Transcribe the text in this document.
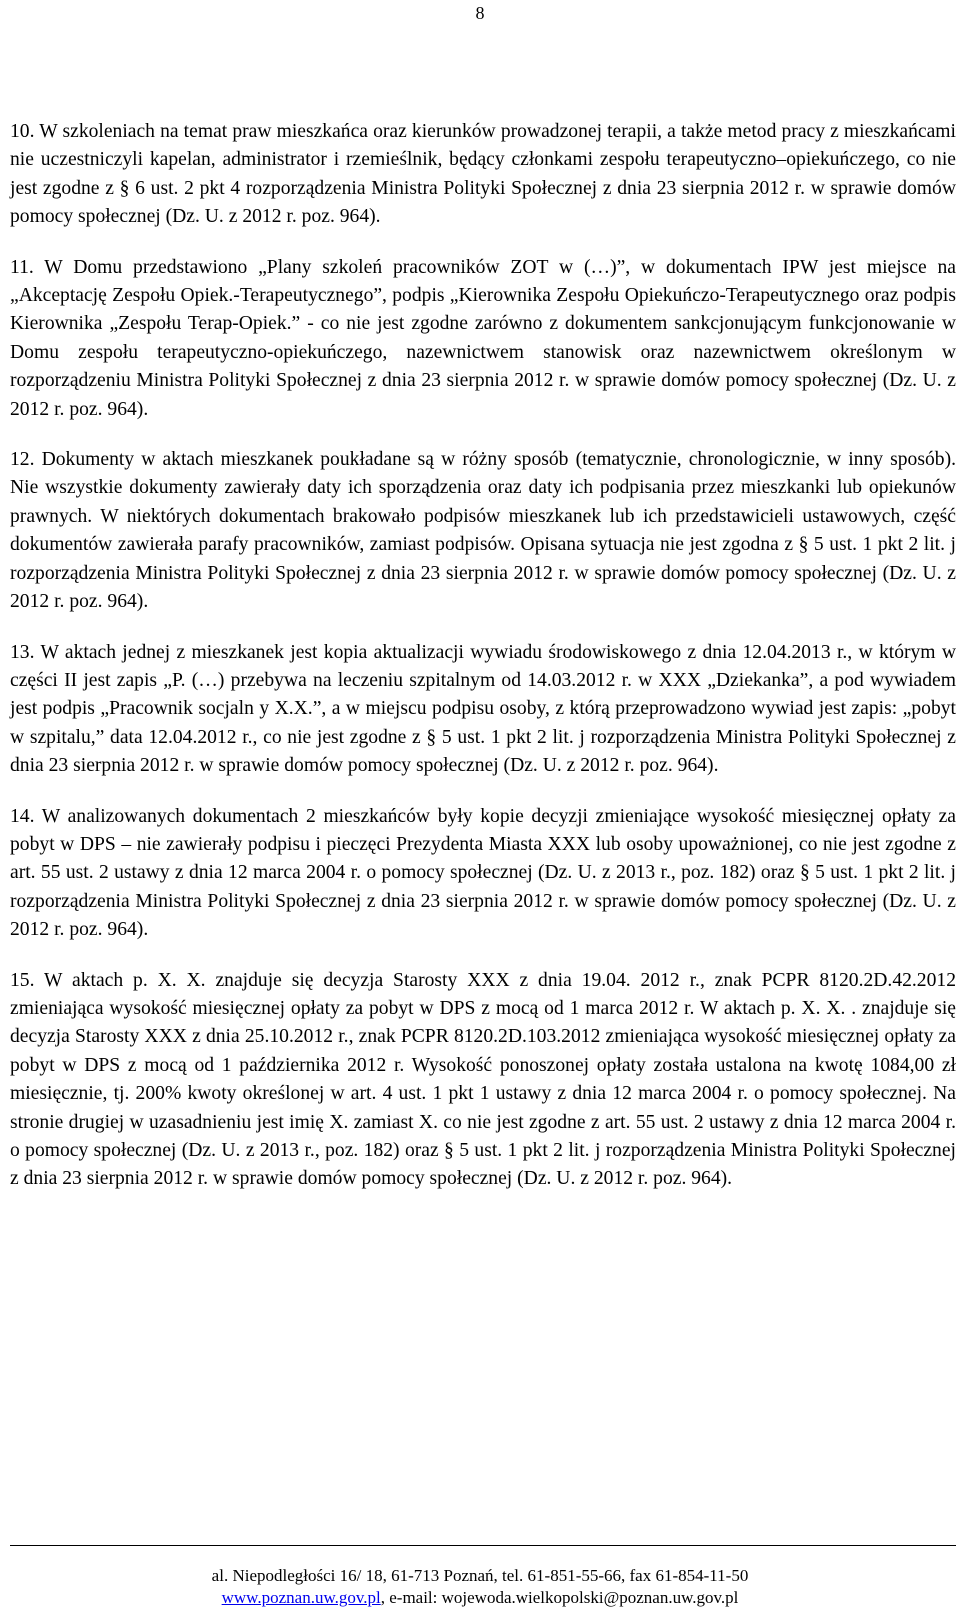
8

10. W szkoleniach na temat praw mieszkańca oraz kierunków prowadzonej terapii, a także metod pracy z mieszkańcami nie uczestniczyli kapelan, administrator i rzemieślnik, będący członkami zespołu terapeutyczno–opiekuńczego, co nie jest zgodne z § 6 ust. 2 pkt 4 rozporządzenia Ministra Polityki Społecznej z dnia 23 sierpnia 2012 r. w sprawie domów pomocy społecznej (Dz. U. z 2012 r. poz. 964).

11. W Domu przedstawiono „Plany szkoleń pracowników ZOT w (…)”, w dokumentach IPW jest miejsce na „Akceptację Zespołu Opiek.-Terapeutycznego”, podpis „Kierownika Zespołu Opiekuńczo-Terapeutycznego oraz podpis Kierownika „Zespołu Terap-Opiek.” - co nie jest zgodne zarówno z dokumentem sankcjonującym funkcjonowanie w Domu zespołu terapeutyczno-opiekuńczego, nazewnictwem stanowisk oraz nazewnictwem określonym w rozporządzeniu Ministra Polityki Społecznej z dnia 23 sierpnia 2012 r. w sprawie domów pomocy społecznej (Dz. U. z 2012 r. poz. 964).

12. Dokumenty w aktach mieszkanek poukładane są w różny sposób (tematycznie, chronologicznie, w inny sposób). Nie wszystkie dokumenty zawierały daty ich sporządzenia oraz daty ich podpisania przez mieszkanki lub opiekunów prawnych. W niektórych dokumentach brakowało podpisów mieszkanek lub ich przedstawicieli ustawowych, część dokumentów zawierała parafy pracowników, zamiast podpisów. Opisana sytuacja nie jest zgodna z § 5 ust. 1 pkt 2 lit. j rozporządzenia Ministra Polityki Społecznej z dnia 23 sierpnia 2012 r. w sprawie domów pomocy społecznej (Dz. U. z 2012 r. poz. 964).

13. W aktach jednej z mieszkanek jest kopia aktualizacji wywiadu środowiskowego z dnia 12.04.2013 r., w którym w części II jest zapis „P. (…) przebywa na leczeniu szpitalnym od 14.03.2012 r. w XXX „Dziekanka”, a pod wywiadem jest podpis „Pracownik socjaln y X.X.”, a w miejscu podpisu osoby, z którą przeprowadzono wywiad jest zapis: „pobyt w szpitalu,” data 12.04.2012 r., co nie jest zgodne z § 5 ust. 1 pkt 2 lit. j rozporządzenia Ministra Polityki Społecznej z dnia 23 sierpnia 2012 r. w sprawie domów pomocy społecznej (Dz. U. z 2012 r. poz. 964).

14. W analizowanych dokumentach 2 mieszkańców były kopie decyzji zmieniające wysokość miesięcznej opłaty za pobyt w DPS – nie zawierały podpisu i pieczęci Prezydenta Miasta XXX lub osoby upoważnionej, co nie jest zgodne z art. 55 ust. 2 ustawy z dnia 12 marca 2004 r. o pomocy społecznej (Dz. U. z 2013 r., poz. 182) oraz § 5 ust. 1 pkt 2 lit. j rozporządzenia Ministra Polityki Społecznej z dnia 23 sierpnia 2012 r. w sprawie domów pomocy społecznej (Dz. U. z 2012 r. poz. 964).

15. W aktach p. X. X. znajduje się decyzja Starosty XXX z dnia 19.04. 2012 r., znak PCPR 8120.2D.42.2012 zmieniająca wysokość miesięcznej opłaty za pobyt w DPS z mocą od 1 marca 2012 r. W aktach p. X. X. . znajduje się decyzja Starosty XXX z dnia 25.10.2012 r., znak PCPR 8120.2D.103.2012 zmieniająca wysokość miesięcznej opłaty za pobyt w DPS z mocą od 1 października 2012 r. Wysokość ponoszonej opłaty została ustalona na kwotę 1084,00 zł miesięcznie, tj. 200% kwoty określonej w art. 4 ust. 1 pkt 1 ustawy z dnia 12 marca 2004 r. o pomocy społecznej. Na stronie drugiej w uzasadnieniu jest imię X. zamiast X. co nie jest zgodne z art. 55 ust. 2 ustawy z dnia 12 marca 2004 r. o pomocy społecznej (Dz. U. z 2013 r., poz. 182) oraz § 5 ust. 1 pkt 2 lit. j rozporządzenia Ministra Polityki Społecznej z dnia 23 sierpnia 2012 r. w sprawie domów pomocy społecznej (Dz. U. z 2012 r. poz. 964).

al. Niepodległości 16/ 18, 61-713 Poznań, tel. 61-851-55-66, fax 61-854-11-50
www.poznan.uw.gov.pl, e-mail: wojewoda.wielkopolski@poznan.uw.gov.pl
